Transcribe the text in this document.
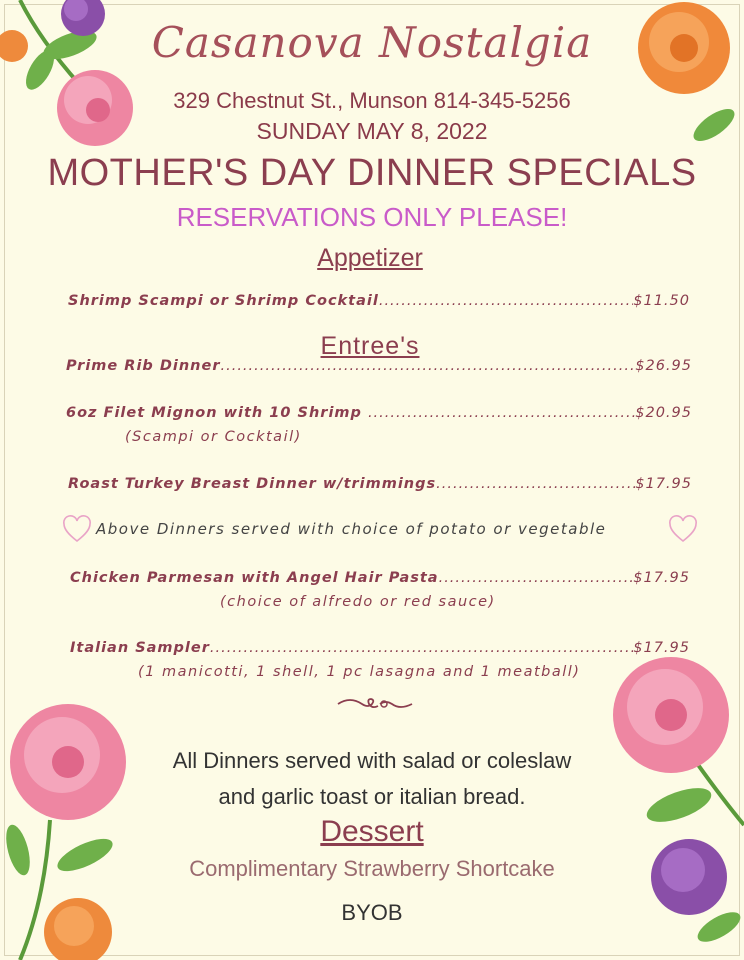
Casanova Nostalgia
329 Chestnut St., Munson 814-345-5256
SUNDAY MAY 8, 2022
MOTHER'S DAY DINNER SPECIALS
RESERVATIONS ONLY PLEASE!
Appetizer
Shrimp Scampi or Shrimp Cocktail .....	$11.50
Entree's
Prime Rib Dinner .....	$26.95
6oz Filet Mignon with 10 Shrimp .....	$20.95
(Scampi or Cocktail)
Roast Turkey Breast Dinner w/trimmings .....	$17.95
Above Dinners served with choice of potato or vegetable
Chicken Parmesan with Angel Hair Pasta .....	$17.95
(choice of alfredo or red sauce)
Italian Sampler .....	$17.95
(1 manicotti, 1 shell, 1 pc lasagna and 1 meatball)
All Dinners served with salad or coleslaw
and garlic toast or italian bread.
Dessert
Complimentary Strawberry Shortcake
BYOB
